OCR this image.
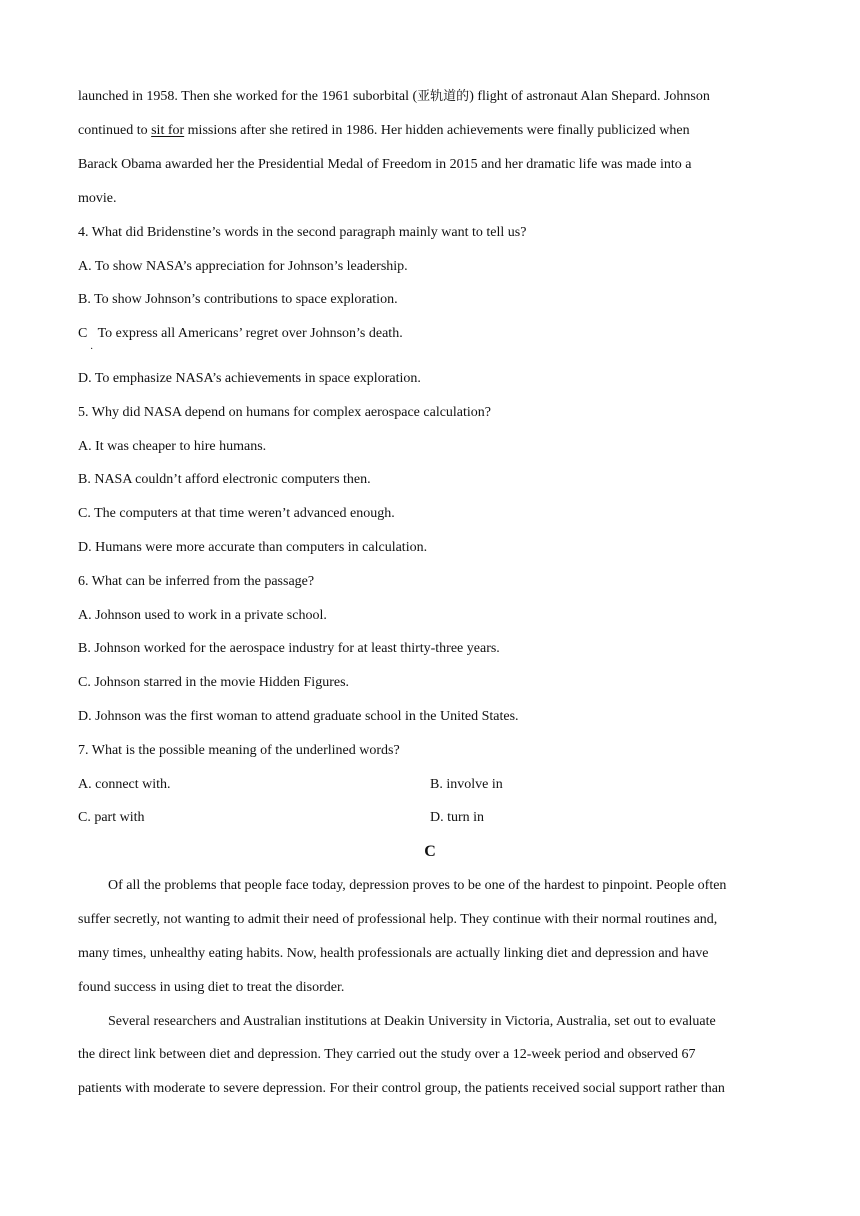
launched in 1958. Then she worked for the 1961 suborbital (亚轨道的) flight of astronaut Alan Shepard. Johnson
continued to sit for missions after she retired in 1986. Her hidden achievements were finally publicized when
Barack Obama awarded her the Presidential Medal of Freedom in 2015 and her dramatic life was made into a
movie.
4. What did Bridenstine’s words in the second paragraph mainly want to tell us?
A. To show NASA’s appreciation for Johnson’s leadership.
B. To show Johnson’s contributions to space exploration.
C   To express all Americans’ regret over Johnson’s death.
·
D. To emphasize NASA’s achievements in space exploration.
5. Why did NASA depend on humans for complex aerospace calculation?
A. It was cheaper to hire humans.
B. NASA couldn’t afford electronic computers then.
C. The computers at that time weren’t advanced enough.
D. Humans were more accurate than computers in calculation.
6. What can be inferred from the passage?
A. Johnson used to work in a private school.
B. Johnson worked for the aerospace industry for at least thirty-three years.
C. Johnson starred in the movie Hidden Figures.
D. Johnson was the first woman to attend graduate school in the United States.
7. What is the possible meaning of the underlined words?
A. connect with.	B. involve in
C. part with	D. turn in
C
Of all the problems that people face today, depression proves to be one of the hardest to pinpoint. People often
suffer secretly, not wanting to admit their need of professional help. They continue with their normal routines and,
many times, unhealthy eating habits. Now, health professionals are actually linking diet and depression and have
found success in using diet to treat the disorder.
Several researchers and Australian institutions at Deakin University in Victoria, Australia, set out to evaluate
the direct link between diet and depression. They carried out the study over a 12-week period and observed 67
patients with moderate to severe depression. For their control group, the patients received social support rather than
